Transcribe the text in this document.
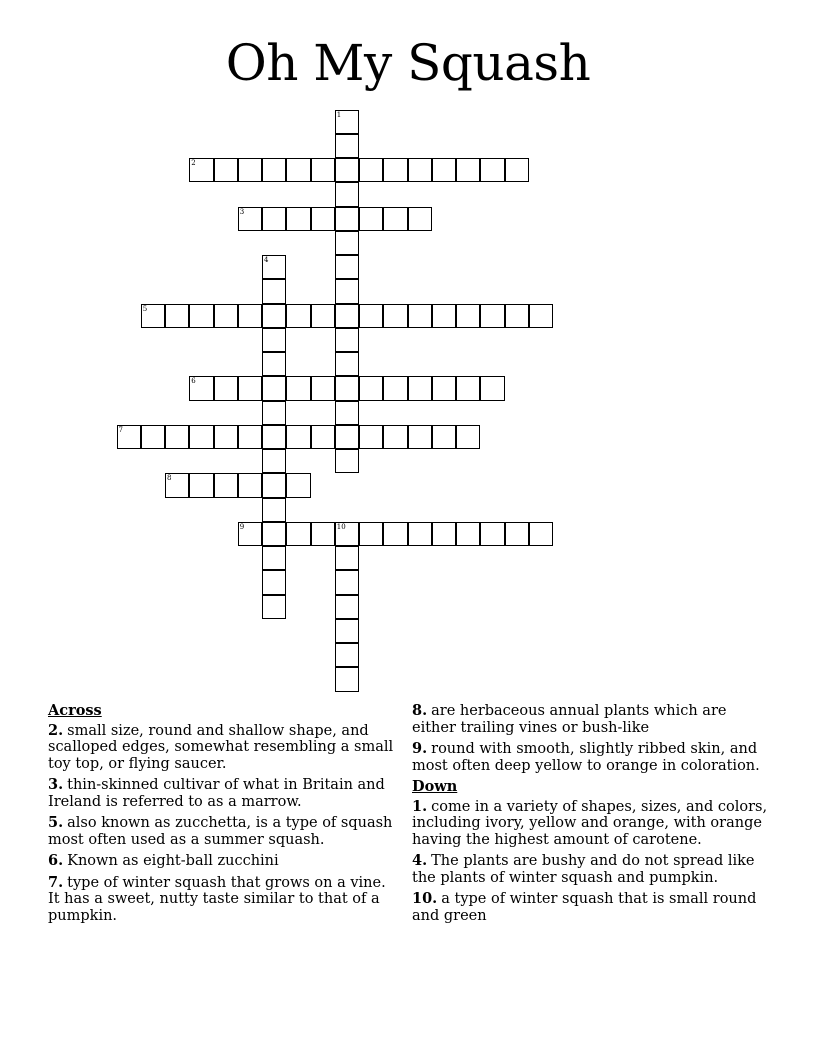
Oh My Squash
1
2
3
4
5
6
7
8
9	10
Across
2. small size, round and shallow shape, and scalloped edges, somewhat resembling a small toy top, or flying saucer.
3. thin-skinned cultivar of what in Britain and Ireland is referred to as a marrow.
5. also known as zucchetta, is a type of squash most often used as a summer squash.
6. Known as eight-ball zucchini
7. type of winter squash that grows on a vine. It has a sweet, nutty taste similar to that of a pumpkin.
8. are herbaceous annual plants which are either trailing vines or bush-like
9. round with smooth, slightly ribbed skin, and most often deep yellow to orange in coloration.
Down
1. come in a variety of shapes, sizes, and colors, including ivory, yellow and orange, with orange having the highest amount of carotene.
4. The plants are bushy and do not spread like the plants of winter squash and pumpkin.
10. a type of winter squash that is small round and green
